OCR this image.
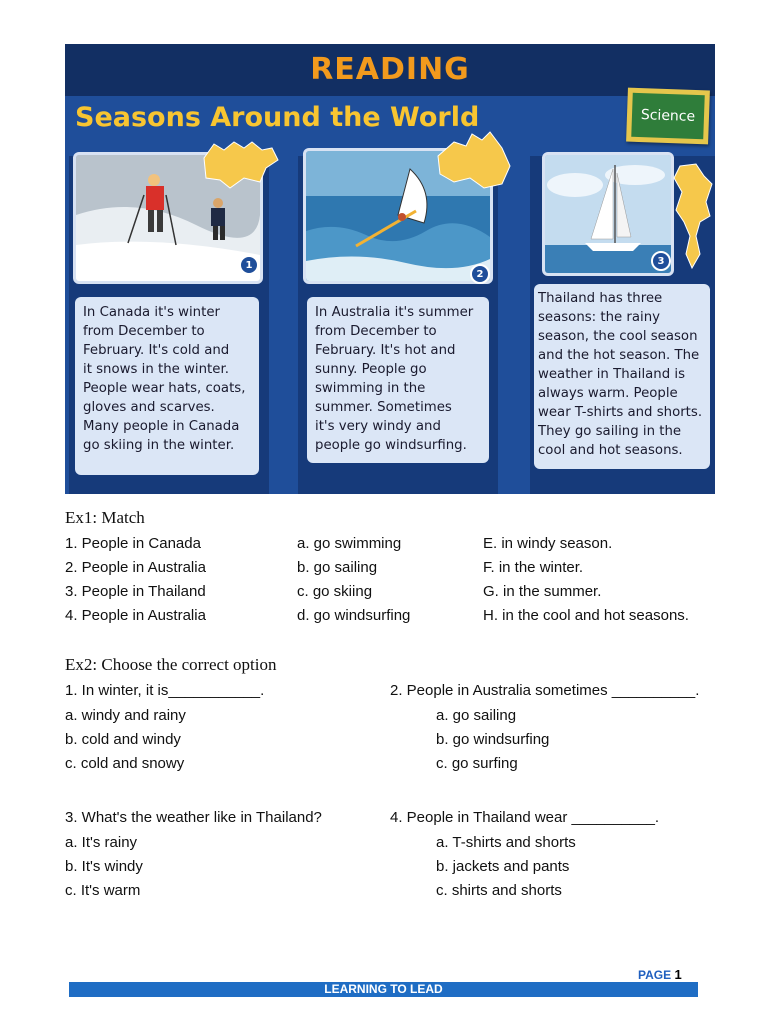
READING
Seasons Around the World	Science
1
2
3
In Canada it's winter
from December to
February. It's cold and
it snows in the winter.
People wear hats, coats,
gloves and scarves.
Many people in Canada
go skiing in the winter.
In Australia it's summer
from December to
February. It's hot and
sunny. People go
swimming in the
summer. Sometimes
it's very windy and
people go windsurfing.
Thailand has three
seasons: the rainy
season, the cool season
and the hot season. The
weather in Thailand is
always warm. People
wear T-shirts and shorts.
They go sailing in the
cool and hot seasons.
Ex1: Match
1. People in Canada
2. People in Australia
3. People in Thailand
4. People in Australia
a. go swimming
b. go sailing
c. go skiing
d. go windsurfing
E. in windy season.
F. in the winter.
G. in the summer.
H. in the cool and hot seasons.
Ex2: Choose the correct option
1. In winter, it is___________.
a. windy and rainy
b. cold and windy
c. cold and snowy
2. People in Australia sometimes __________.
a. go sailing
b. go windsurfing
c. go surfing
3. What's the weather like in Thailand?
a. It's rainy
b. It's windy
c. It's warm
4. People in Thailand wear __________.
a. T-shirts and shorts
b. jackets and pants
c. shirts and shorts
PAGE 1
LEARNING TO LEAD
